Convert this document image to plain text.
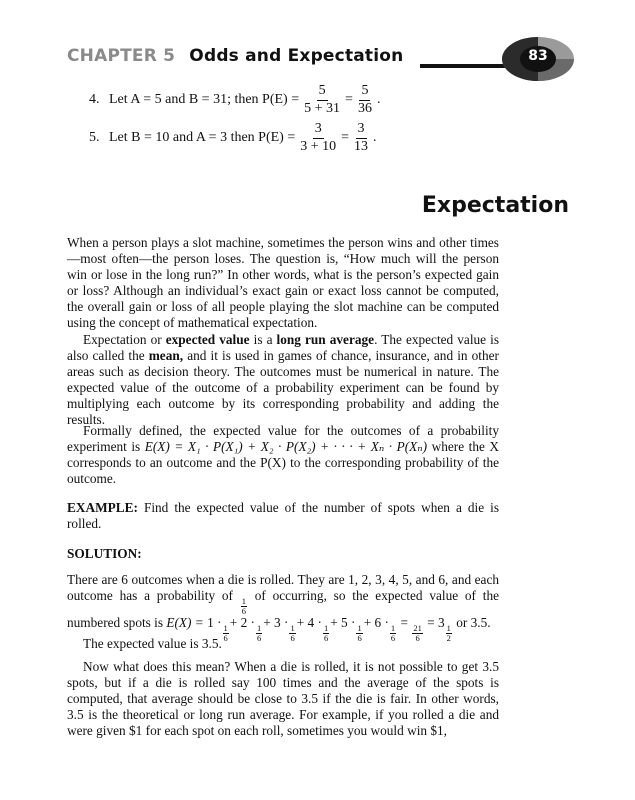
CHAPTER 5 Odds and Expectation	83
4. Let A = 5 and B = 31; then $P(E) = \frac{5}{5 + 31} = \frac{5}{36}$ .
5. Let B = 10 and A = 3 then $P(E) = \frac{3}{3 + 10} = \frac{3}{13}$ .
Expectation

When a person plays a slot machine, sometimes the person wins and other times—most often—the person loses. The question is, “How much will the person win or lose in the long run?” In other words, what is the person’s expected gain or loss? Although an individual’s exact gain or exact loss cannot be computed, the overall gain or loss of all people playing the slot machine can be computed using the concept of mathematical expectation.

Expectation or expected value is a long run average. The expected value is also called the mean, and it is used in games of chance, insurance, and in other areas such as decision theory. The outcomes must be numerical in nature. The expected value of the outcome of a probability experiment can be found by multiplying each outcome by its corresponding probability and adding the results.

Formally defined, the expected value for the outcomes of a probability experiment is E(X) = X₁ · P(X₁) + X₂ · P(X₂) + · · · + Xₙ · P(Xₙ) where the X corresponds to an outcome and the P(X) to the corresponding probability of the outcome.

EXAMPLE: Find the expected value of the number of spots when a die is rolled.

SOLUTION:

There are 6 outcomes when a die is rolled. They are 1, 2, 3, 4, 5, and 6, and each outcome has a probability of
$\frac{1}{6}$
of occurring, so the expected value of the numbered spots is E(X) = 1 ·
$\frac{1}{6}$
+ 2 ·
$\frac{1}{6}$
+ 3 ·
$\frac{1}{6}$
+ 4 ·
$\frac{1}{6}$
+ 5 ·
$\frac{1}{6}$
+ 6 ·
$\frac{1}{6}$
=
$\frac{21}{6}$
= 3
$\frac{1}{2}$
or 3.5.

The expected value is 3.5.

Now what does this mean? When a die is rolled, it is not possible to get 3.5 spots, but if a die is rolled say 100 times and the average of the spots is computed, that average should be close to 3.5 if the die is fair. In other words, 3.5 is the theoretical or long run average. For example, if you rolled a die and were given $1 for each spot on each roll, sometimes you would win $1,
